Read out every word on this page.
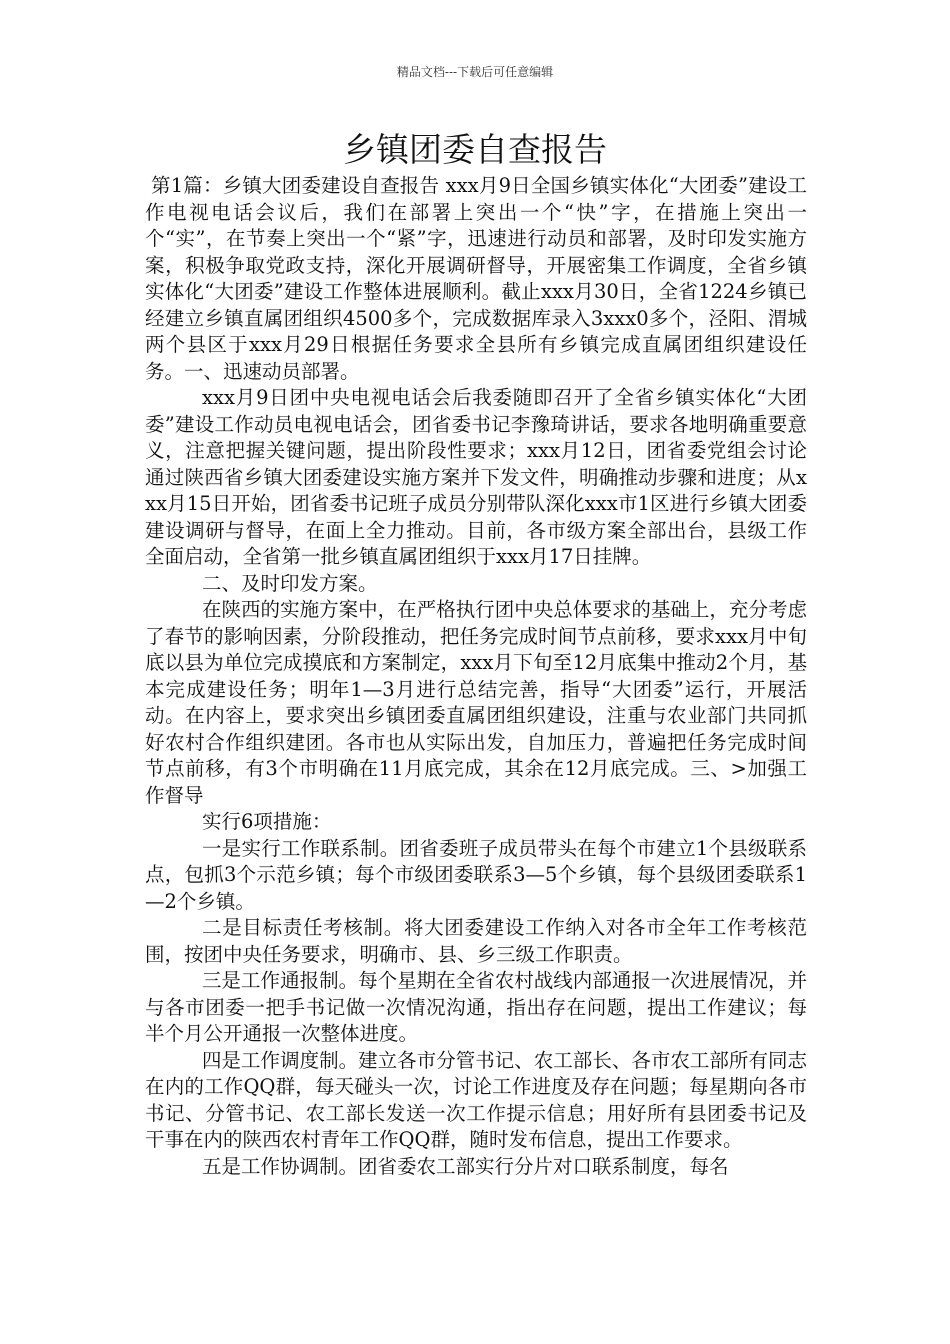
精品文档---下载后可任意编辑
乡镇团委自查报告

第1篇：乡镇大团委建设自查报告 xxx月9日全国乡镇实体化“大团委”建设工作电视电话会议后，我们在部署上突出一个“快”字，在措施上突出一个“实”，在节奏上突出一个“紧”字，迅速进行动员和部署，及时印发实施方案，积极争取党政支持，深化开展调研督导，开展密集工作调度，全省乡镇实体化“大团委”建设工作整体进展顺利。截止xxx月30日，全省1224乡镇已经建立乡镇直属团组织4500多个，完成数据库录入3xxx0多个，泾阳、渭城两个县区于xxx月29日根据任务要求全县所有乡镇完成直属团组织建设任务。一、迅速动员部署。

xxx月9日团中央电视电话会后我委随即召开了全省乡镇实体化“大团委”建设工作动员电视电话会，团省委书记李豫琦讲话，要求各地明确重要意义，注意把握关键问题，提出阶段性要求；xxx月12日，团省委党组会讨论通过陕西省乡镇大团委建设实施方案并下发文件，明确推动步骤和进度；从xxx月15日开始，团省委书记班子成员分别带队深化xxx市1区进行乡镇大团委建设调研与督导，在面上全力推动。目前，各市级方案全部出台，县级工作全面启动，全省第一批乡镇直属团组织于xxx月17日挂牌。

二、及时印发方案。

在陕西的实施方案中，在严格执行团中央总体要求的基础上，充分考虑了春节的影响因素，分阶段推动，把任务完成时间节点前移，要求xxx月中旬底以县为单位完成摸底和方案制定，xxx月下旬至12月底集中推动2个月，基本完成建设任务；明年1—3月进行总结完善，指导“大团委”运行，开展活动。在内容上，要求突出乡镇团委直属团组织建设，注重与农业部门共同抓好农村合作组织建团。各市也从实际出发，自加压力，普遍把任务完成时间节点前移，有3个市明确在11月底完成，其余在12月底完成。三、>加强工作督导

实行6项措施：

一是实行工作联系制。团省委班子成员带头在每个市建立1个县级联系点，包抓3个示范乡镇；每个市级团委联系3—5个乡镇，每个县级团委联系1—2个乡镇。

二是目标责任考核制。将大团委建设工作纳入对各市全年工作考核范围，按团中央任务要求，明确市、县、乡三级工作职责。

三是工作通报制。每个星期在全省农村战线内部通报一次进展情况，并与各市团委一把手书记做一次情况沟通，指出存在问题，提出工作建议；每半个月公开通报一次整体进度。

四是工作调度制。建立各市分管书记、农工部长、各市农工部所有同志在内的工作QQ群，每天碰头一次，讨论工作进度及存在问题；每星期向各市书记、分管书记、农工部长发送一次工作提示信息；用好所有县团委书记及干事在内的陕西农村青年工作QQ群，随时发布信息，提出工作要求。

五是工作协调制。团省委农工部实行分片对口联系制度，每名
